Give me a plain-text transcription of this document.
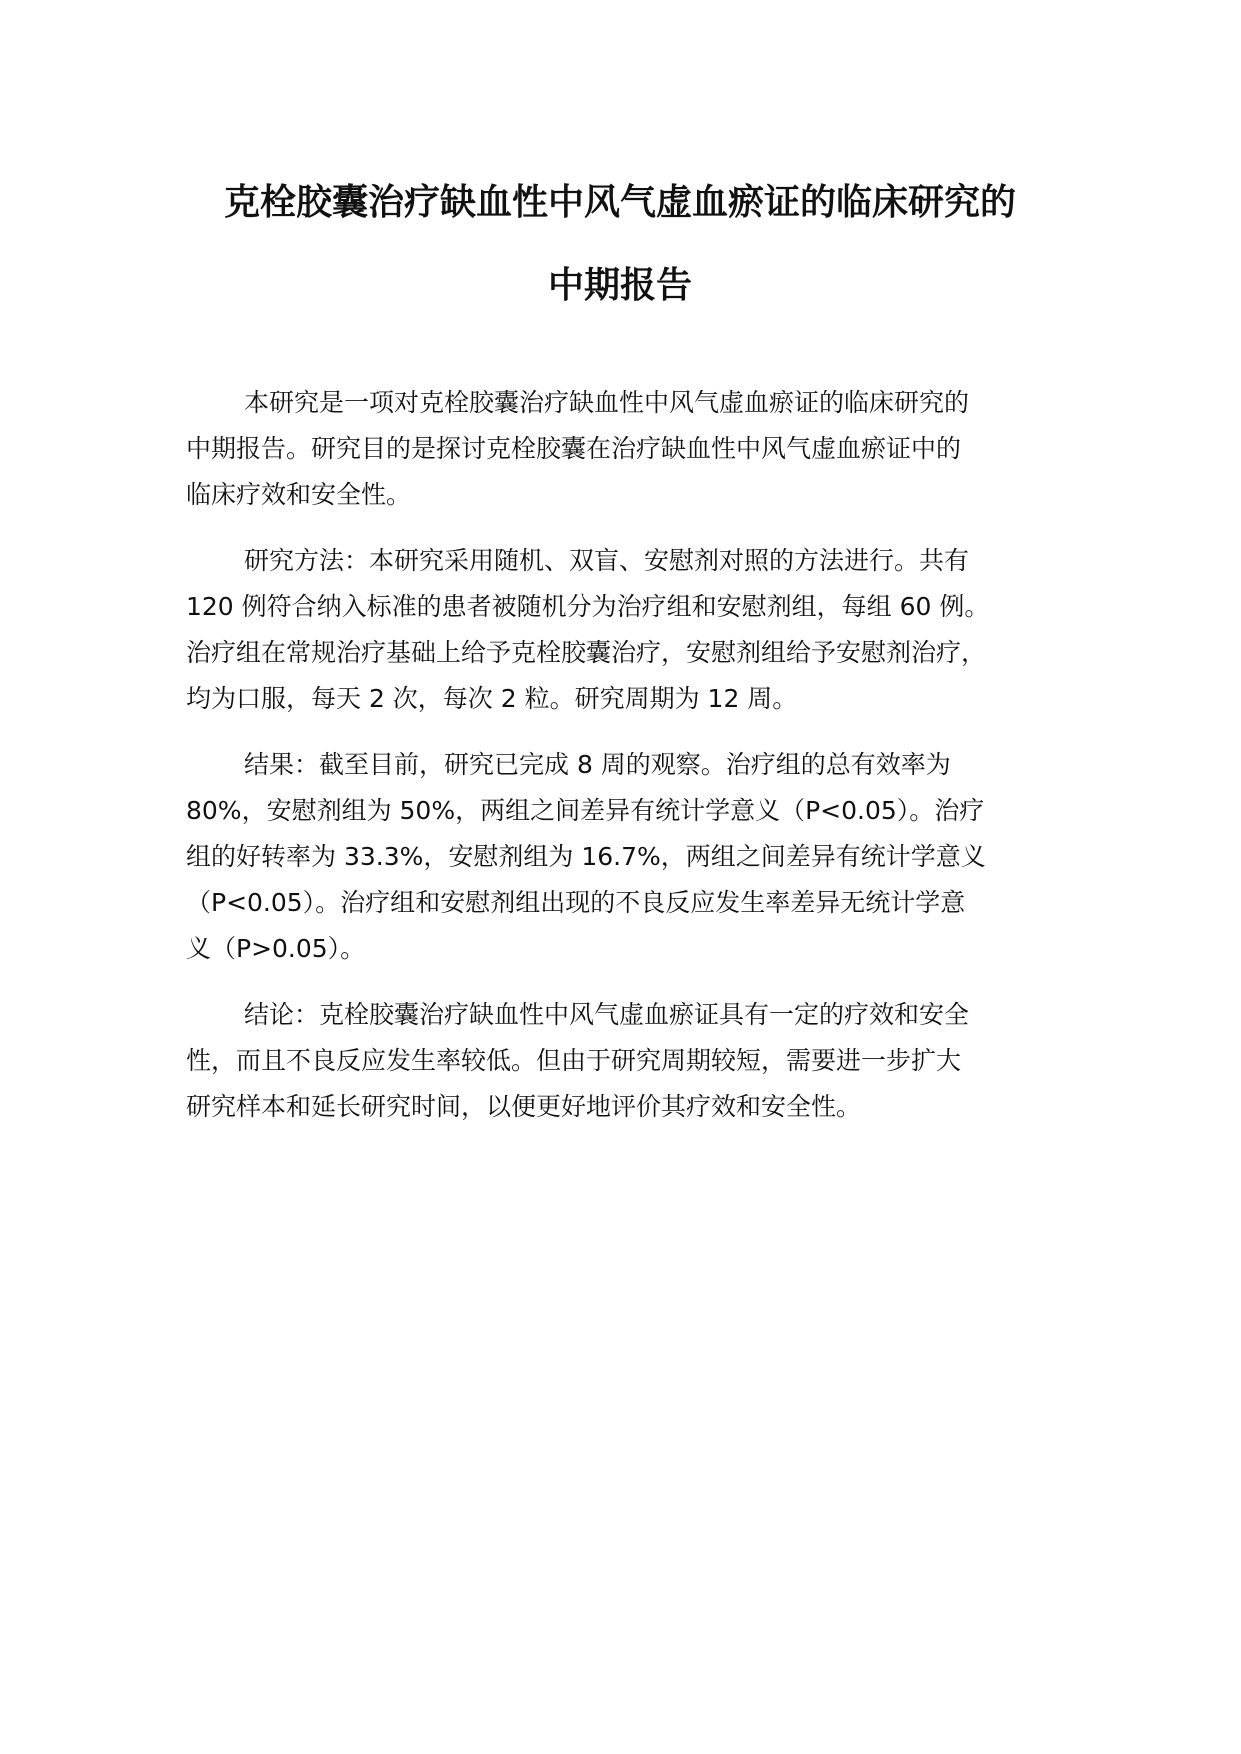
克栓胶囊治疗缺血性中风气虚血瘀证的临床研究的
中期报告
本研究是一项对克栓胶囊治疗缺血性中风气虚血瘀证的临床研究的
中期报告。研究目的是探讨克栓胶囊在治疗缺血性中风气虚血瘀证中的
临床疗效和安全性。
研究方法：本研究采用随机、双盲、安慰剂对照的方法进行。共有
120 例符合纳入标准的患者被随机分为治疗组和安慰剂组，每组 60 例。
治疗组在常规治疗基础上给予克栓胶囊治疗，安慰剂组给予安慰剂治疗，
均为口服，每天 2 次，每次 2 粒。研究周期为 12 周。
结果：截至目前，研究已完成 8 周的观察。治疗组的总有效率为
80%，安慰剂组为 50%，两组之间差异有统计学意义（P<0.05）。治疗
组的好转率为 33.3%，安慰剂组为 16.7%，两组之间差异有统计学意义
（P<0.05）。治疗组和安慰剂组出现的不良反应发生率差异无统计学意
义（P>0.05）。
结论：克栓胶囊治疗缺血性中风气虚血瘀证具有一定的疗效和安全
性，而且不良反应发生率较低。但由于研究周期较短，需要进一步扩大
研究样本和延长研究时间，以便更好地评价其疗效和安全性。
